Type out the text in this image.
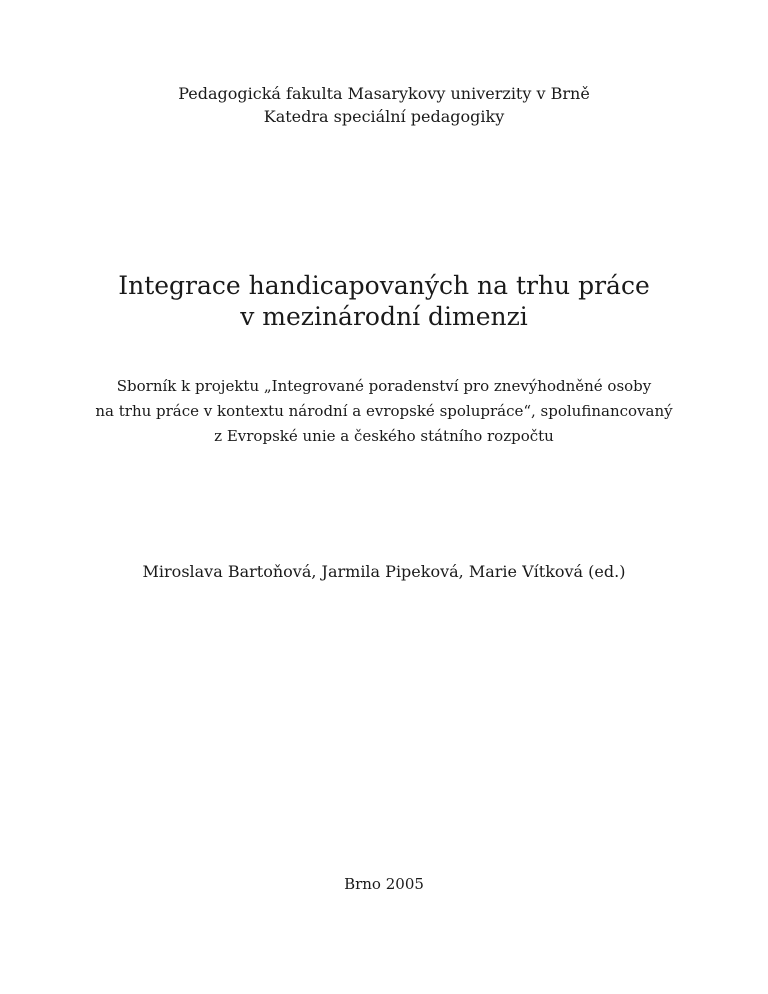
Pedagogická fakulta Masarykovy univerzity v Brně
Katedra speciální pedagogiky
Integrace handicapovaných na trhu práce
v mezinárodní dimenzi
Sborník k projektu „Integrované poradenství pro znevýhodněné osoby
na trhu práce v kontextu národní a evropské spolupráce“, spolufinancovaný
z Evropské unie a českého státního rozpočtu
Miroslava Bartoňová, Jarmila Pipeková, Marie Vítková (ed.)
Brno 2005
